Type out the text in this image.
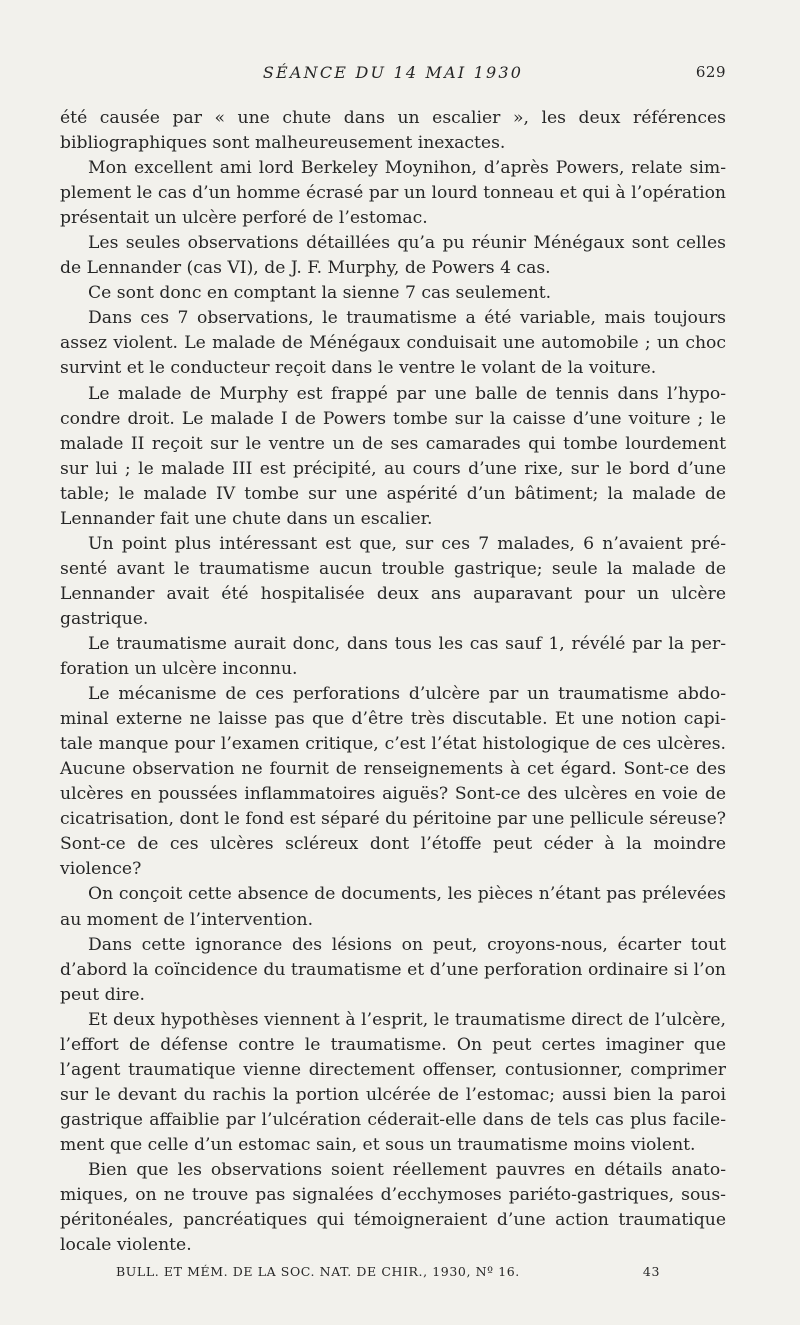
SÉANCE DU 14 MAI 1930	629

été causée par « une chute dans un escalier », les deux références bibliographiques sont malheureusement inexactes.

Mon excellent ami lord Berkeley Moynihon, d’après Powers, relate simplement le cas d’un homme écrasé par un lourd tonneau et qui à l’opération présentait un ulcère perforé de l’estomac.

Les seules observations détaillées qu’a pu réunir Ménégaux sont celles de Lennander (cas VI), de J. F. Murphy, de Powers 4 cas.

Ce sont donc en comptant la sienne 7 cas seulement.

Dans ces 7 observations, le traumatisme a été variable, mais toujours assez violent. Le malade de Ménégaux conduisait une automobile ; un choc survint et le conducteur reçoit dans le ventre le volant de la voiture.

Le malade de Murphy est frappé par une balle de tennis dans l’hypocondre droit. Le malade I de Powers tombe sur la caisse d’une voiture ; le malade II reçoit sur le ventre un de ses camarades qui tombe lourdement sur lui ; le malade III est précipité, au cours d’une rixe, sur le bord d’une table; le malade IV tombe sur une aspérité d’un bâtiment; la malade de Lennander fait une chute dans un escalier.

Un point plus intéressant est que, sur ces 7 malades, 6 n’avaient présenté avant le traumatisme aucun trouble gastrique; seule la malade de Lennander avait été hospitalisée deux ans auparavant pour un ulcère gastrique.

Le traumatisme aurait donc, dans tous les cas sauf 1, révélé par la perforation un ulcère inconnu.

Le mécanisme de ces perforations d’ulcère par un traumatisme abdominal externe ne laisse pas que d’être très discutable. Et une notion capitale manque pour l’examen critique, c’est l’état histologique de ces ulcères. Aucune observation ne fournit de renseignements à cet égard. Sont-ce des ulcères en poussées inflammatoires aiguës? Sont-ce des ulcères en voie de cicatrisation, dont le fond est séparé du péritoine par une pellicule séreuse? Sont-ce de ces ulcères scléreux dont l’étoffe peut céder à la moindre violence?

On conçoit cette absence de documents, les pièces n’étant pas prélevées au moment de l’intervention.

Dans cette ignorance des lésions on peut, croyons-nous, écarter tout d’abord la coïncidence du traumatisme et d’une perforation ordinaire si l’on peut dire.

Et deux hypothèses viennent à l’esprit, le traumatisme direct de l’ulcère, l’effort de défense contre le traumatisme. On peut certes imaginer que l’agent traumatique vienne directement offenser, contusionner, comprimer sur le devant du rachis la portion ulcérée de l’estomac; aussi bien la paroi gastrique affaiblie par l’ulcération céderait-elle dans de tels cas plus facilement que celle d’un estomac sain, et sous un traumatisme moins violent.

Bien que les observations soient réellement pauvres en détails anatomiques, on ne trouve pas signalées d’ecchymoses pariéto-gastriques, sous-péritonéales, pancréatiques qui témoigneraient d’une action traumatique locale violente.

BULL. ET MÉM. DE LA SOC. NAT. DE CHIR., 1930, Nº 16.	43
